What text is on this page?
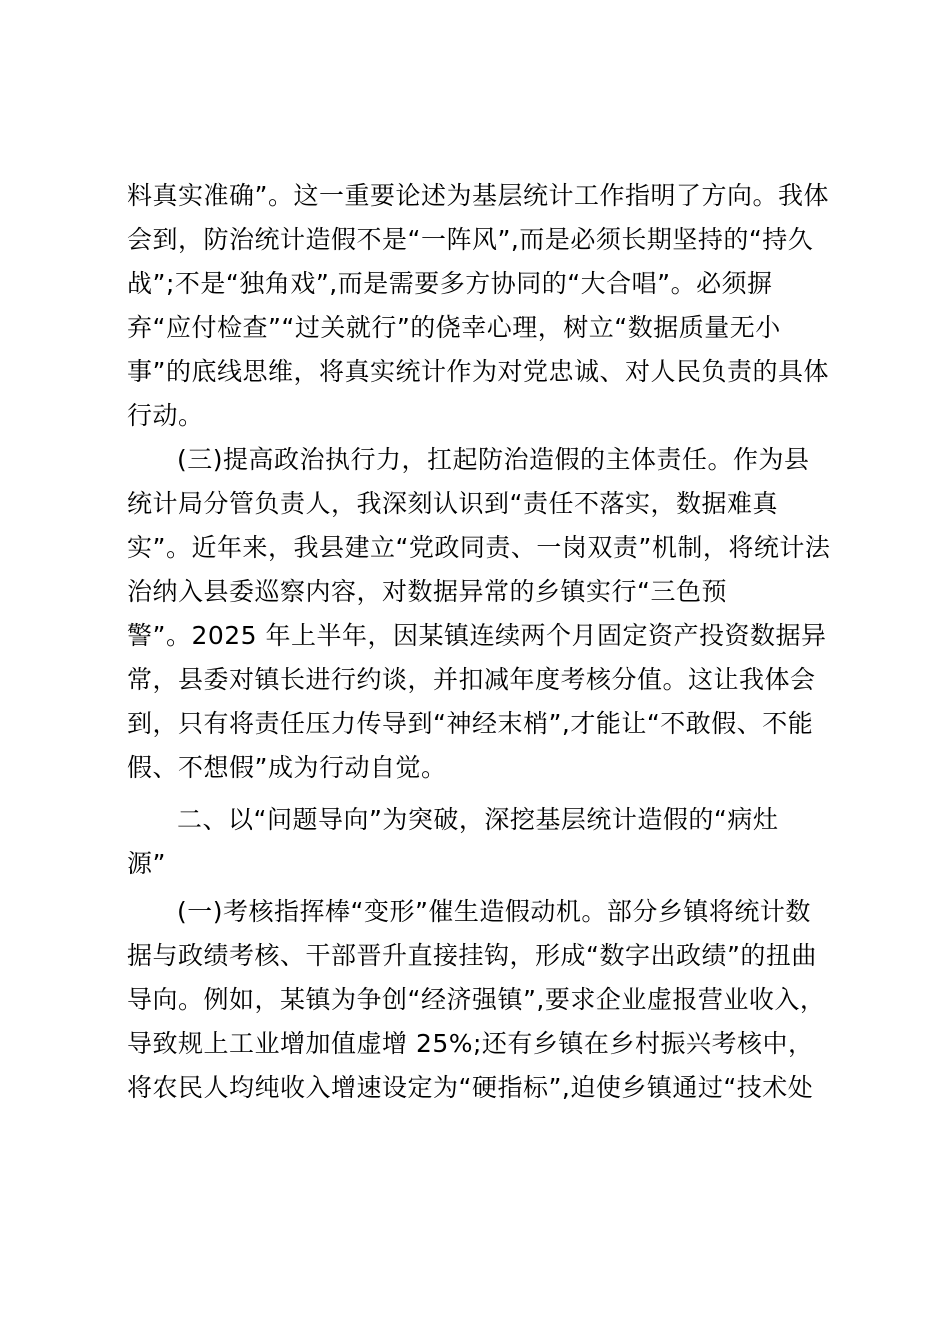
料真实准确”。这一重要论述为基层统计工作指明了方向。我体
会到，防治统计造假不是“一阵风”,而是必须长期坚持的“持久
战”;不是“独角戏”,而是需要多方协同的“大合唱”。必须摒
弃“应付检查”“过关就行”的侥幸心理，树立“数据质量无小
事”的底线思维，将真实统计作为对党忠诚、对人民负责的具体
行动。
(三)提高政治执行力，扛起防治造假的主体责任。作为县
统计局分管负责人，我深刻认识到“责任不落实，数据难真
实”。近年来，我县建立“党政同责、一岗双责”机制，将统计法
治纳入县委巡察内容，对数据异常的乡镇实行“三色预
警”。2025 年上半年，因某镇连续两个月固定资产投资数据异
常，县委对镇长进行约谈，并扣减年度考核分值。这让我体会
到，只有将责任压力传导到“神经末梢”,才能让“不敢假、不能
假、不想假”成为行动自觉。
二、以“问题导向”为突破，深挖基层统计造假的“病灶
源”
(一)考核指挥棒“变形”催生造假动机。部分乡镇将统计数
据与政绩考核、干部晋升直接挂钩，形成“数字出政绩”的扭曲
导向。例如，某镇为争创“经济强镇”,要求企业虚报营业收入，
导致规上工业增加值虚增 25%;还有乡镇在乡村振兴考核中，
将农民人均纯收入增速设定为“硬指标”,迫使乡镇通过“技术处
